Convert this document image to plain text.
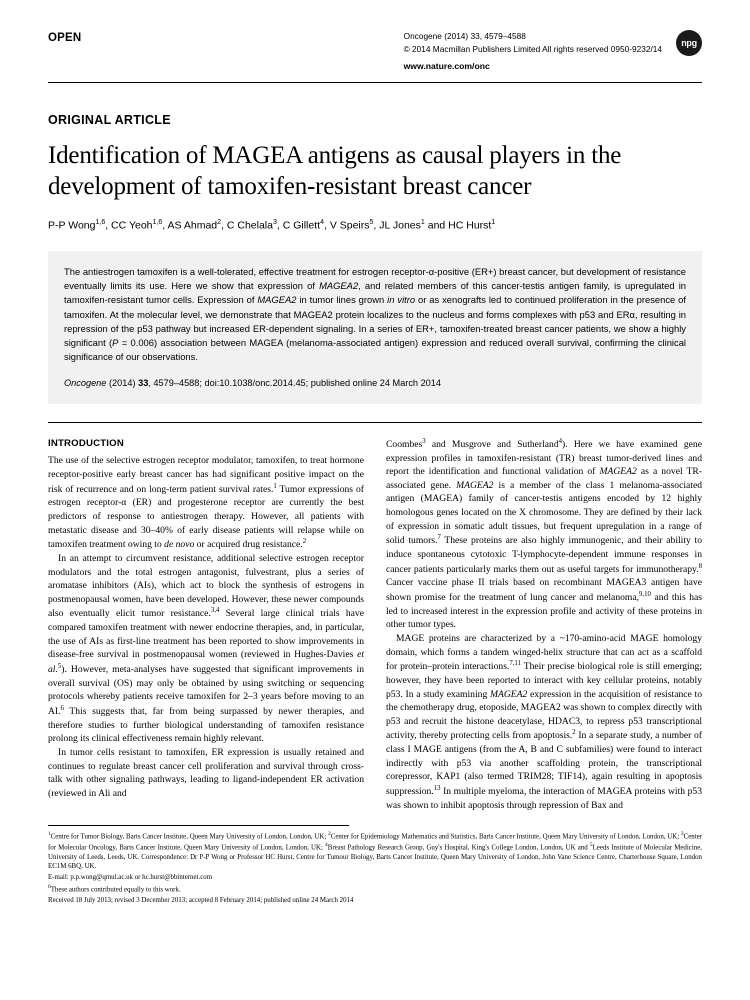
OPEN	Oncogene (2014) 33, 4579–4588
© 2014 Macmillan Publishers Limited All rights reserved 0950-9232/14
www.nature.com/onc
npg
ORIGINAL ARTICLE
Identification of MAGEA antigens as causal players in the development of tamoxifen-resistant breast cancer
P-P Wong$^{1,6}$, CC Yeoh$^{1,6}$, AS Ahmad$^2$, C Chelala$^3$, C Gillett$^4$, V Speirs$^5$, JL Jones$^1$ and HC Hurst$^1$
The antiestrogen tamoxifen is a well-tolerated, effective treatment for estrogen receptor-α-positive (ER+) breast cancer, but development of resistance eventually limits its use. Here we show that expression of MAGEA2, and related members of this cancer-testis antigen family, is upregulated in tamoxifen-resistant tumor cells. Expression of MAGEA2 in tumor lines grown in vitro or as xenografts led to continued proliferation in the presence of tamoxifen. At the molecular level, we demonstrate that MAGEA2 protein localizes to the nucleus and forms complexes with p53 and ERα, resulting in repression of the p53 pathway but increased ER-dependent signaling. In a series of ER+, tamoxifen-treated breast cancer patients, we show a highly significant (P = 0.006) association between MAGEA (melanoma-associated antigen) expression and reduced overall survival, confirming the clinical significance of our observations.
Oncogene (2014) 33, 4579–4588; doi:10.1038/onc.2014.45; published online 24 March 2014
INTRODUCTION

The use of the selective estrogen receptor modulator, tamoxifen, to treat hormone receptor-positive early breast cancer has had significant positive impact on the risk of recurrence and on long-term patient survival rates.$^1$ Tumor expressions of estrogen receptor-α (ER) and progesterone receptor are currently the best predictors of response to antiestrogen therapy. However, all patients with metastatic disease and 30–40% of early disease patients will relapse while on tamoxifen treatment owing to de novo or acquired drug resistance.$^2$

In an attempt to circumvent resistance, additional selective estrogen receptor modulators and the total estrogen antagonist, fulvestrant, plus a series of aromatase inhibitors (AIs), which act to block the synthesis of estrogens in postmenopausal women, have been developed. However, these newer compounds also eventually elicit tumor resistance.$^{3,4}$ Several large clinical trials have compared tamoxifen treatment with newer endocrine therapies, and, in particular, the use of AIs as first-line treatment has been reported to show improvements in disease-free survival in postmenopausal women (reviewed in Hughes-Davies et al.$^5$). However, meta-analyses have suggested that significant improvements in overall survival (OS) may only be obtained by using switching or sequencing protocols whereby patients receive tamoxifen for 2–3 years before moving to an AI.$^6$ This suggests that, far from being surpassed by newer therapies, and therefore studies to further biological understanding of tamoxifen resistance prolong its clinical effectiveness remain highly relevant.

In tumor cells resistant to tamoxifen, ER expression is usually retained and continues to regulate breast cancer cell proliferation and survival through cross-talk with other signaling pathways, leading to ligand-independent ER activation (reviewed in Ali and

Coombes$^3$ and Musgrove and Sutherland$^4$). Here we have examined gene expression profiles in tamoxifen-resistant (TR) breast tumor-derived lines and report the identification and functional validation of MAGEA2 as a novel TR-associated gene. MAGEA2 is a member of the class 1 melanoma-associated antigen (MAGEA) family of cancer-testis antigens encoded by 12 highly homologous genes located on the X chromosome. They are defined by their lack of expression in somatic adult tissues, but frequent upregulation in a range of solid tumors.$^7$ These proteins are also highly immunogenic, and their ability to induce spontaneous cytotoxic T-lymphocyte-dependent immune responses in cancer patients particularly marks them out as useful targets for immunotherapy.$^8$ Cancer vaccine phase II trials based on recombinant MAGEA3 antigen have shown promise for the treatment of lung cancer and melanoma,$^{9,10}$ and this has led to increased interest in the expression profile and activity of these proteins in other tumor types.

MAGE proteins are characterized by a ~170-amino-acid MAGE homology domain, which forms a tandem winged-helix structure that can act as a scaffold for protein–protein interactions.$^{7,11}$ Their precise biological role is still emerging; however, they have been reported to interact with key cellular proteins, notably p53. In a study examining MAGEA2 expression in the acquisition of resistance to the chemotherapy drug, etoposide, MAGEA2 was shown to complex directly with p53 and recruit the histone deacetylase, HDAC3, to repress p53 transcriptional activity, thereby protecting cells from apoptosis.$^2$ In a separate study, a number of class I MAGE antigens (from the A, B and C subfamilies) were found to interact indirectly with p53 via another scaffolding protein, the transcriptional corepressor, KAP1 (also termed TRIM28; TIF14), again resulting in apoptosis suppression.$^{13}$ In multiple myeloma, the interaction of MAGEA proteins with p53 was shown to inhibit apoptosis through repression of Bax and

$^1$Centre for Tumor Biology, Barts Cancer Institute, Queen Mary University of London, London, UK; $^2$Center for Epidemiology Mathematics and Statistics, Barts Cancer Institute, Queen Mary University of London, London, UK; $^3$Center for Molecular Oncology, Barts Cancer Institute, Queen Mary University of London, London, UK; $^4$Breast Pathology Research Group, Guy's Hospital, King's College London, London, UK and $^5$Leeds Institute of Molecular Medicine, University of Leeds, Leeds, UK. Correspondence: Dr P-P Wong or Professor HC Hurst, Centre for Tumour Biology, Barts Cancer Institute, Queen Mary University of London, John Vane Science Centre, Charterhouse Square, London EC1M 6BQ, UK.

E-mail: p.p.wong@qmul.ac.uk or hc.hurst@bbinternet.com

$^6$These authors contributed equally to this work.

Received 18 July 2013; revised 3 December 2013; accepted 8 February 2014; published online 24 March 2014
